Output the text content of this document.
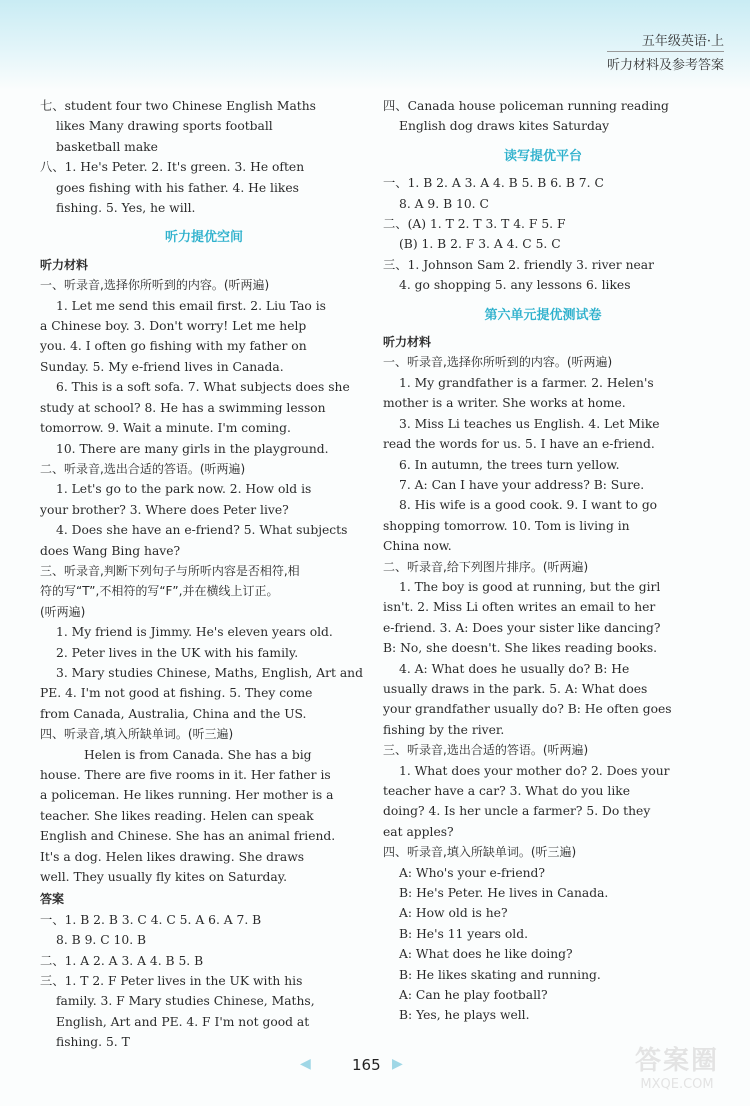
五年级英语·上
听力材料及参考答案

七、student four two Chinese English Maths

likes Many drawing sports football

basketball make

八、1. He's Peter. 2. It's green. 3. He often

goes fishing with his father. 4. He likes

fishing. 5. Yes, he will.

听力提优空间
听力材料
一、听录音,选择你所听到的内容。(听两遍)

1. Let me send this email first. 2. Liu Tao is

a Chinese boy. 3. Don't worry! Let me help

you. 4. I often go fishing with my father on

Sunday. 5. My e-friend lives in Canada.

6. This is a soft sofa. 7. What subjects does she

study at school? 8. He has a swimming lesson

tomorrow. 9. Wait a minute. I'm coming.

10. There are many girls in the playground.

二、听录音,选出合适的答语。(听两遍)

1. Let's go to the park now. 2. How old is

your brother? 3. Where does Peter live?

4. Does she have an e-friend? 5. What subjects

does Wang Bing have?

三、听录音,判断下列句子与所听内容是否相符,相
符的写“T”,不相符的写“F”,并在横线上订正。
(听两遍)

1. My friend is Jimmy. He's eleven years old.

2. Peter lives in the UK with his family.

3. Mary studies Chinese, Maths, English, Art and

PE. 4. I'm not good at fishing. 5. They come

from Canada, Australia, China and the US.

四、听录音,填入所缺单词。(听三遍)

Helen is from Canada. She has a big

house. There are five rooms in it. Her father is

a policeman. He likes running. Her mother is a

teacher. She likes reading. Helen can speak

English and Chinese. She has an animal friend.

It's a dog. Helen likes drawing. She draws

well. They usually fly kites on Saturday.

答案

一、1. B 2. B 3. C 4. C 5. A 6. A 7. B

8. B 9. C 10. B

二、1. A 2. A 3. A 4. B 5. B

三、1. T 2. F Peter lives in the UK with his

family. 3. F Mary studies Chinese, Maths,

English, Art and PE. 4. F I'm not good at

fishing. 5. T

四、Canada house policeman running reading

English dog draws kites Saturday

读写提优平台

一、1. B 2. A 3. A 4. B 5. B 6. B 7. C

8. A 9. B 10. C

二、(A) 1. T 2. T 3. T 4. F 5. F

(B) 1. B 2. F 3. A 4. C 5. C

三、1. Johnson Sam 2. friendly 3. river near

4. go shopping 5. any lessons 6. likes

第六单元提优测试卷
听力材料
一、听录音,选择你所听到的内容。(听两遍)

1. My grandfather is a farmer. 2. Helen's

mother is a writer. She works at home.

3. Miss Li teaches us English. 4. Let Mike

read the words for us. 5. I have an e-friend.

6. In autumn, the trees turn yellow.

7. A: Can I have your address? B: Sure.

8. His wife is a good cook. 9. I want to go

shopping tomorrow. 10. Tom is living in

China now.

二、听录音,给下列图片排序。(听两遍)

1. The boy is good at running, but the girl

isn't. 2. Miss Li often writes an email to her

e-friend. 3. A: Does your sister like dancing?

B: No, she doesn't. She likes reading books.

4. A: What does he usually do? B: He

usually draws in the park. 5. A: What does

your grandfather usually do? B: He often goes

fishing by the river.

三、听录音,选出合适的答语。(听两遍)

1. What does your mother do? 2. Does your

teacher have a car? 3. What do you like

doing? 4. Is her uncle a farmer? 5. Do they

eat apples?

四、听录音,填入所缺单词。(听三遍)

A: Who's your e-friend?

B: He's Peter. He lives in Canada.

A: How old is he?

B: He's 11 years old.

A: What does he like doing?

B: He likes skating and running.

A: Can he play football?

B: Yes, he plays well.

◀	165 ▶	答案圈
MXQE.COM
